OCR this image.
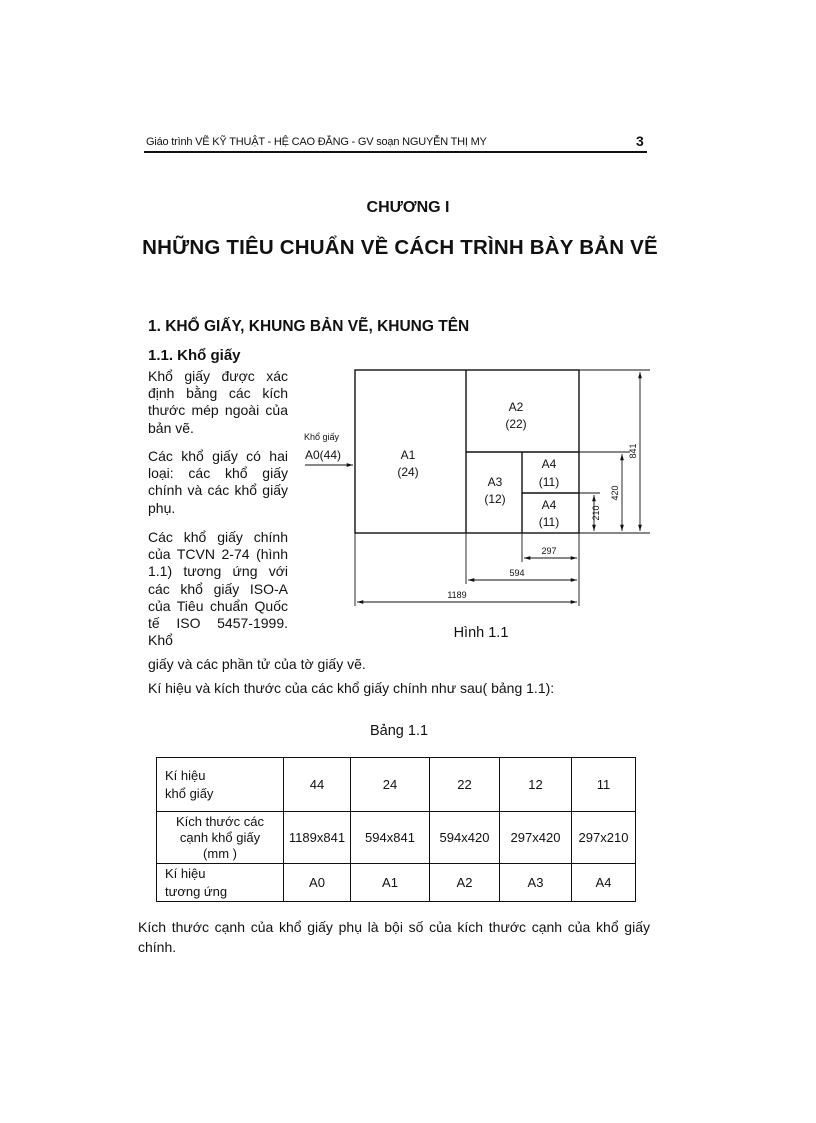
Giáo trình VẼ KỸ THUẬT - HỆ CAO ĐẲNG - GV soạn NGUYỄN THỊ MY	3
CHƯƠNG I
NHỮNG TIÊU CHUẨN VỀ CÁCH TRÌNH BÀY BẢN VẼ
1. KHỔ GIẤY, KHUNG BẢN VẼ, KHUNG TÊN
1.1. Khổ giấy
Khổ giấy được xác định bằng các kích thước mép ngoài của bản vẽ.
Các khổ giấy có hai loại: các khổ giấy chính và các khổ giấy phụ.
Các khổ giấy chính của TCVN 2-74 (hình 1.1) tương ứng với các khổ giấy ISO-A của Tiêu chuẩn Quốc tế ISO 5457-1999. Khổ
giấy và các phần tử của tờ giấy vẽ.
Kí hiệu và kích thước của các khổ giấy chính như sau( bảng 1.1):
A1
(24)
A2
(22)
A3
(12)
A4
(11)
A4
(11)
A0(44)
Khổ giấy
297
594
1189
210
420
841
Hình 1.1
Bảng 1.1
Kí hiệu
khổ giấy	44	24	22	12	11

Kích thước các
cạnh khổ giấy
(mm )	1189x841	594x841	594x420	297x420	297x210

Kí hiệu
tương ứng	A0	A1	A2	A3	A4
Kích thước cạnh của khổ giấy phụ là bội số của kích thước cạnh của khổ giấy chính.
